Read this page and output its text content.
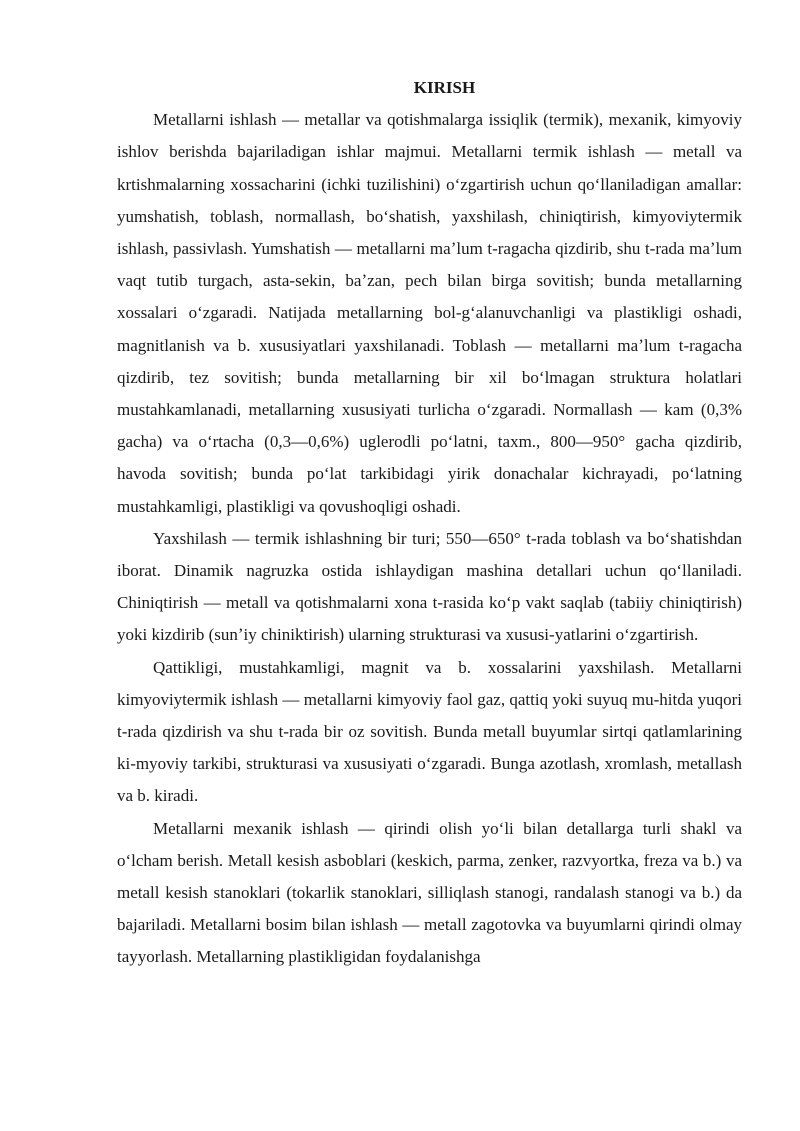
KIRISH

Metallarni ishlash — metallar va qotishmalarga issiqlik (termik), mexanik, kimyoviy ishlov berishda bajariladigan ishlar majmui. Metallarni termik ishlash — metall va krtishmalarning xossacharini (ichki tuzilishini) oʻzgartirish uchun qoʻllaniladigan amallar: yumshatish, toblash, normallash, boʻshatish, yaxshilash, chiniqtirish, kimyoviytermik ishlash, passivlash. Yumshatish — metallarni maʼlum t-ragacha qizdirib, shu t-rada maʼlum vaqt tutib turgach, asta-sekin, baʼzan, pech bilan birga sovitish; bunda metallarning xossalari oʻzgaradi. Natijada metallarning bol-gʻalanuvchanligi va plastikligi oshadi, magnitlanish va b. xususiyatlari yaxshilanadi. Toblash — metallarni maʼlum t-ragacha qizdirib, tez sovitish; bunda metallarning bir xil boʻlmagan struktura holatlari mustahkamlanadi, metallarning xususiyati turlicha oʻzgaradi. Normallash — kam (0,3% gacha) va oʻrtacha (0,3—0,6%) uglerodli poʻlatni, taxm., 800—950° gacha qizdirib, havoda sovitish; bunda poʻlat tarkibidagi yirik donachalar kichrayadi, poʻlatning mustahkamligi, plastikligi va qovushoqligi oshadi.

Yaxshilash — termik ishlashning bir turi; 550—650° t-rada toblash va boʻshatishdan iborat. Dinamik nagruzka ostida ishlaydigan mashina detallari uchun qoʻllaniladi. Chiniqtirish — metall va qotishmalarni xona t-rasida koʻp vakt saqlab (tabiiy chiniqtirish) yoki kizdirib (sunʼiy chiniktirish) ularning strukturasi va xususi-yatlarini oʻzgartirish.

Qattikligi, mustahkamligi, magnit va b. xossalarini yaxshilash. Metallarni kimyoviytermik ishlash — metallarni kimyoviy faol gaz, qattiq yoki suyuq mu-hitda yuqori t-rada qizdirish va shu t-rada bir oz sovitish. Bunda metall buyumlar sirtqi qatlamlarining ki-myoviy tarkibi, strukturasi va xususiyati oʻzgaradi. Bunga azotlash, xromlash, metallash va b. kiradi.

Metallarni mexanik ishlash — qirindi olish yoʻli bilan detallarga turli shakl va oʻlcham berish. Metall kesish asboblari (keskich, parma, zenker, razvyortka, freza va b.) va metall kesish stanoklari (tokarlik stanoklari, silliqlash stanogi, randalash stanogi va b.) da bajariladi. Metallarni bosim bilan ishlash — metall zagotovka va buyumlarni qirindi olmay tayyorlash. Metallarning plastikligidan foydalanishga
